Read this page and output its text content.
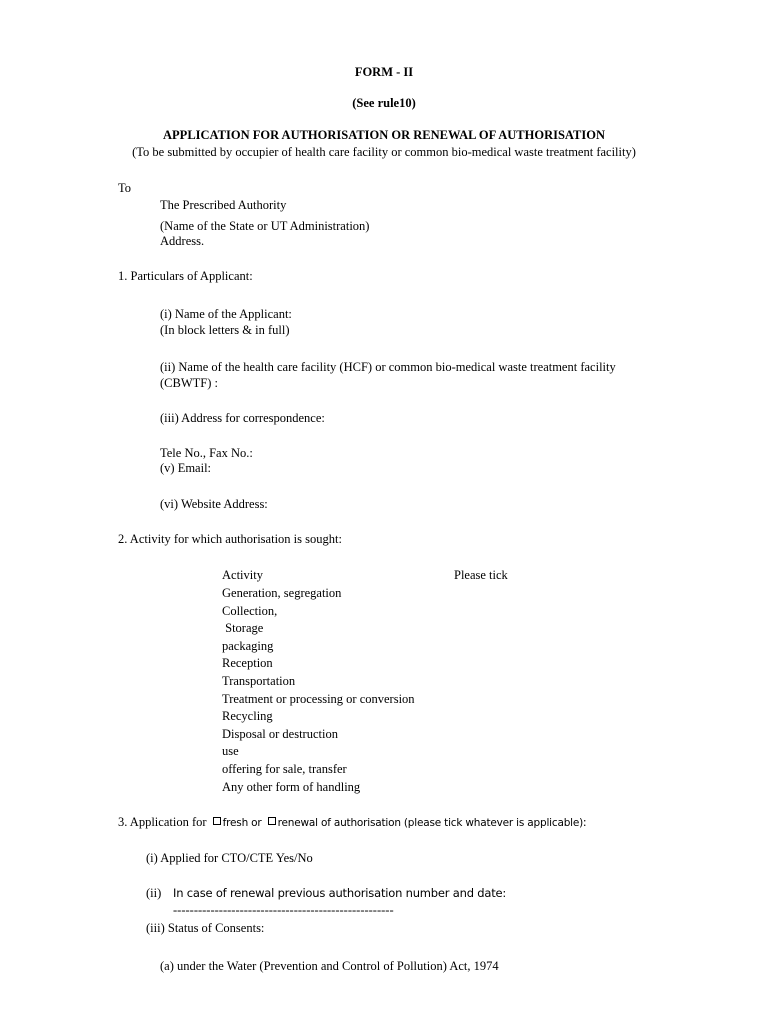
FORM - II
(See rule10)
APPLICATION FOR AUTHORISATION OR RENEWAL OF AUTHORISATION
(To be submitted by occupier of health care facility or common bio-medical waste treatment facility)
To
The Prescribed Authority
(Name of the State or UT Administration)
Address.
1. Particulars of Applicant:
(i) Name of the Applicant:
(In block letters & in full)
(ii) Name of the health care facility (HCF) or common bio-medical waste treatment facility
(CBWTF) :
(iii) Address for correspondence:
Tele No., Fax No.:
(v) Email:
(vi) Website Address:
2. Activity for which authorisation is sought:
Activity	Please tick
Generation, segregation
Collection,
Storage
packaging
Reception
Transportation
Treatment or processing or conversion
Recycling
Disposal or destruction
use
offering for sale, transfer
Any other form of handling
3. Application for fresh or renewal of authorisation (please tick whatever is applicable):
(i) Applied for CTO/CTE Yes/No
(ii) In case of renewal previous authorisation number and date:
-----------------------------------------------------
(iii) Status of Consents:
(a) under the Water (Prevention and Control of Pollution) Act, 1974
